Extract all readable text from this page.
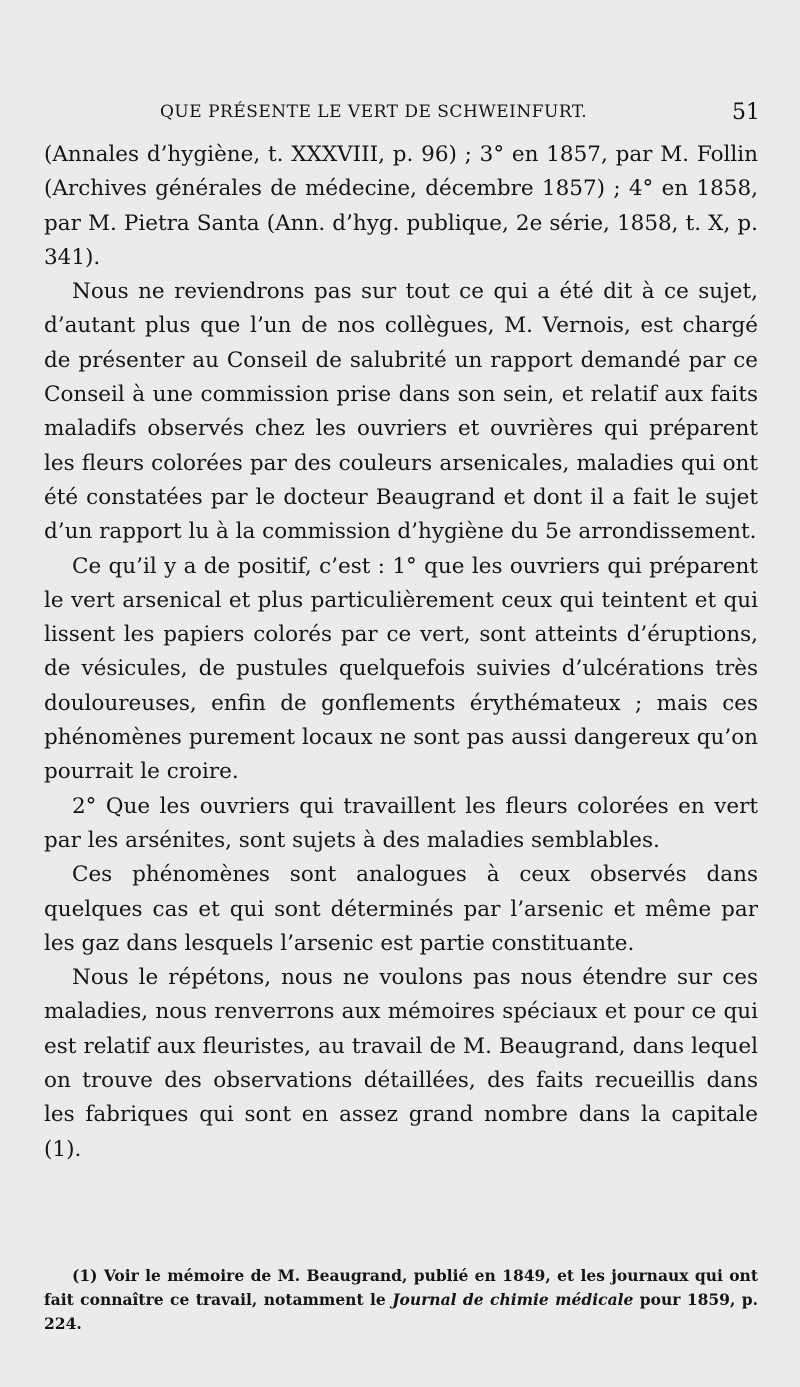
QUE PRÉSENTE LE VERT DE SCHWEINFURT.	51

(Annales d’hygiène, t. XXXVIII, p. 96) ; 3° en 1857, par M. Follin (Archives générales de médecine, décembre 1857) ; 4° en 1858, par M. Pietra Santa (Ann. d’hyg. publique, 2e série, 1858, t. X, p. 341).

Nous ne reviendrons pas sur tout ce qui a été dit à ce sujet, d’autant plus que l’un de nos collègues, M. Vernois, est chargé de présenter au Conseil de salubrité un rapport demandé par ce Conseil à une commission prise dans son sein, et relatif aux faits maladifs observés chez les ouvriers et ouvrières qui préparent les fleurs colorées par des couleurs arsenicales, maladies qui ont été constatées par le docteur Beaugrand et dont il a fait le sujet d’un rapport lu à la commission d’hygiène du 5e arrondissement.

Ce qu’il y a de positif, c’est : 1° que les ouvriers qui préparent le vert arsenical et plus particulièrement ceux qui teintent et qui lissent les papiers colorés par ce vert, sont atteints d’éruptions, de vésicules, de pustules quelquefois suivies d’ulcérations très douloureuses, enfin de gonflements érythémateux ; mais ces phénomènes purement locaux ne sont pas aussi dangereux qu’on pourrait le croire.

2° Que les ouvriers qui travaillent les fleurs colorées en vert par les arsénites, sont sujets à des maladies semblables.

Ces phénomènes sont analogues à ceux observés dans quelques cas et qui sont déterminés par l’arsenic et même par les gaz dans lesquels l’arsenic est partie constituante.

Nous le répétons, nous ne voulons pas nous étendre sur ces maladies, nous renverrons aux mémoires spéciaux et pour ce qui est relatif aux fleuristes, au travail de M. Beaugrand, dans lequel on trouve des observations détaillées, des faits recueillis dans les fabriques qui sont en assez grand nombre dans la capitale (1).

(1) Voir le mémoire de M. Beaugrand, publié en 1849, et les journaux qui ont fait connaître ce travail, notamment le Journal de chimie médicale pour 1859, p. 224.
